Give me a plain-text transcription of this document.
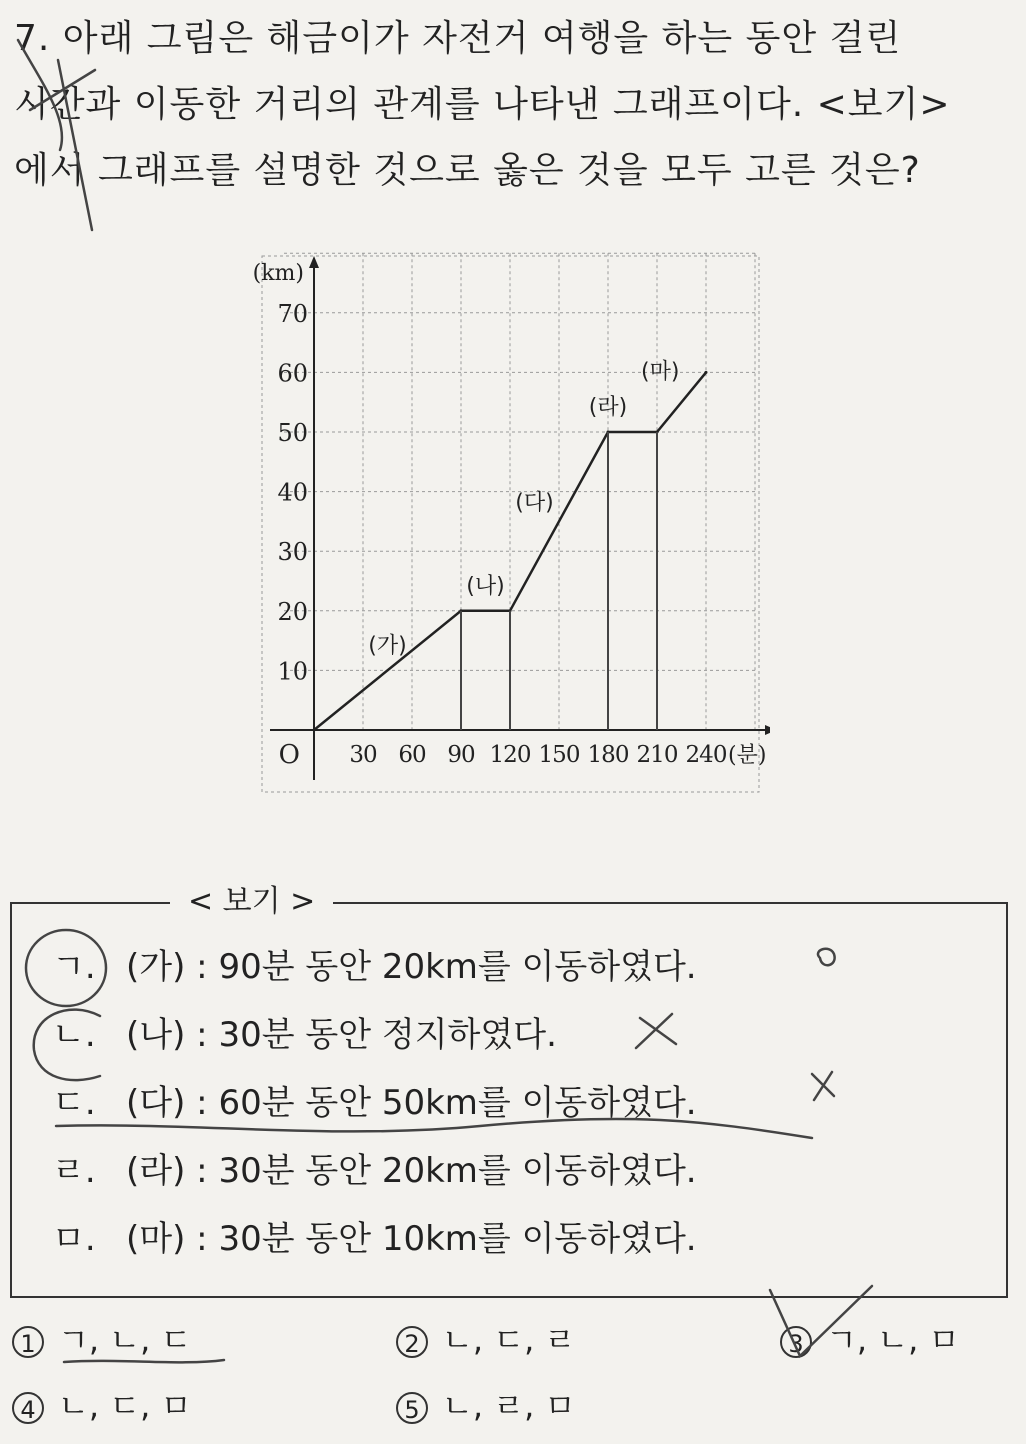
7. 아래 그림은 해금이가 자전거 여행을 하는 동안 걸린
시간과 이동한 거리의 관계를 나타낸 그래프이다. <보기>
에서 그래프를 설명한 것으로 옳은 것을 모두 고른 것은?
10
20
30
40
50
60
70
30 60 90 120 150 180 210 240
O
(km)
(분)
(가)
(나)
(다)
(라)
(마)
< 보기 >
ㄱ. (가) : 90분 동안 20km를 이동하였다.
ㄴ. (나) : 30분 동안 정지하였다.
ㄷ. (다) : 60분 동안 50km를 이동하였다.
ㄹ. (라) : 30분 동안 20km를 이동하였다.
ㅁ. (마) : 30분 동안 10km를 이동하였다.
1 ㄱ, ㄴ, ㄷ	2 ㄴ, ㄷ, ㄹ	3 ㄱ, ㄴ, ㅁ
4 ㄴ, ㄷ, ㅁ	5 ㄴ, ㄹ, ㅁ
